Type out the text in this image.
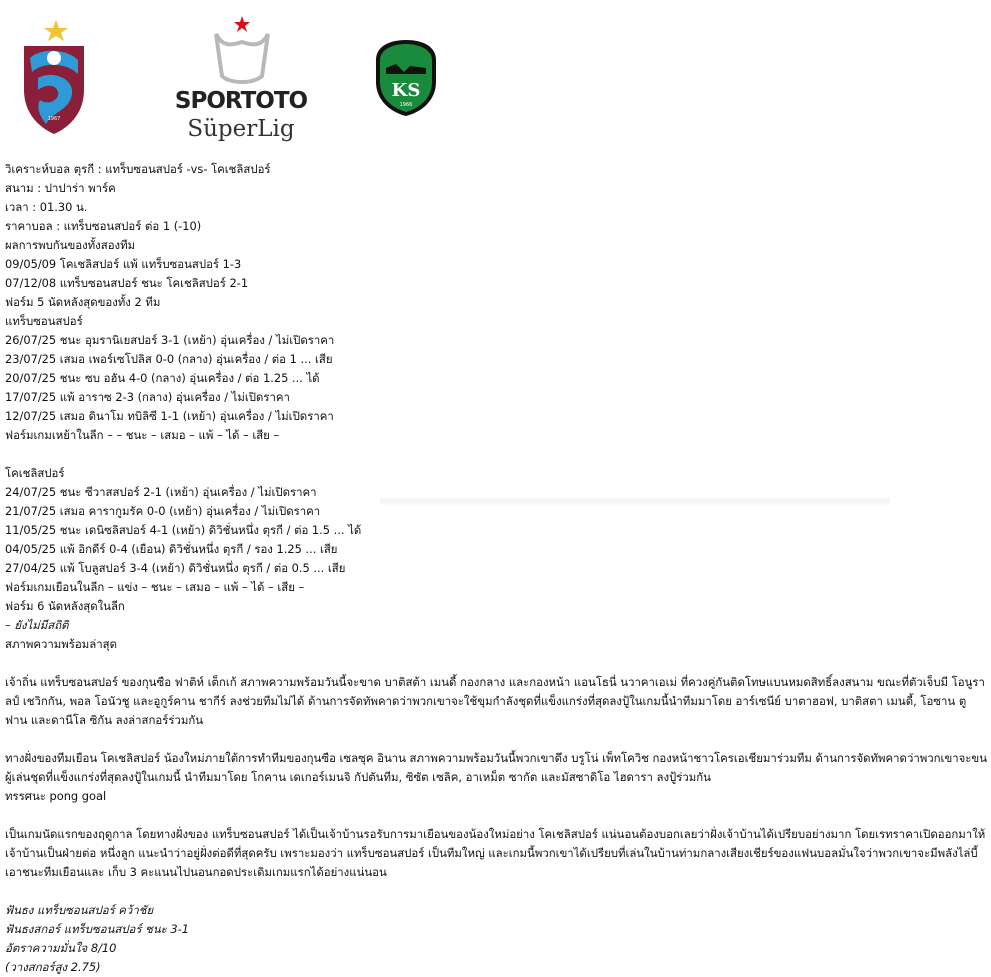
1967
SPORTOTO
SüperLig
KS
1966
วิเคราะห์บอล ตุรกี : แทร็บซอนสปอร์ -vs- โคเชลิสปอร์
สนาม : ปาปาร่า พาร์ค
เวลา : 01.30 น.
ราคาบอล : แทร็บซอนสปอร์ ต่อ 1 (-10)
ผลการพบกันของทั้งสองทีม
09/05/09 โคเชลิสปอร์ แพ้ แทร็บซอนสปอร์ 1-3
07/12/08 แทร็บซอนสปอร์ ชนะ โคเชลิสปอร์ 2-1
ฟอร์ม 5 นัดหลังสุดของทั้ง 2 ทีม
แทร็บซอนสปอร์
26/07/25 ชนะ อุมรานิเยสปอร์ 3-1 (เหย้า) อุ่นเครื่อง / ไม่เปิดราคา
23/07/25 เสมอ เพอร์เซโปลิส 0-0 (กลาง) อุ่นเครื่อง / ต่อ 1 ... เสีย
20/07/25 ชนะ ซบ อฮัน 4-0 (กลาง) อุ่นเครื่อง / ต่อ 1.25 ... ได้
17/07/25 แพ้ อาราซ 2-3 (กลาง) อุ่นเครื่อง / ไม่เปิดราคา
12/07/25 เสมอ ดินาโม ทบิลิซี 1-1 (เหย้า) อุ่นเครื่อง / ไม่เปิดราคา
ฟอร์มเกมเหย้าในลีก – – ชนะ – เสมอ – แพ้ – ได้ – เสีย –
โคเชลิสปอร์
24/07/25 ชนะ ซีวาสสปอร์ 2-1 (เหย้า) อุ่นเครื่อง / ไม่เปิดราคา
21/07/25 เสมอ คารากูมรัค 0-0 (เหย้า) อุ่นเครื่อง / ไม่เปิดราคา
11/05/25 ชนะ เดนิซลิสปอร์ 4-1 (เหย้า) ดิวิชั่นหนึ่ง ตุรกี / ต่อ 1.5 ... ได้
04/05/25 แพ้ อิกดีร์ 0-4 (เยือน) ดิวิชั่นหนึ่ง ตุรกี / รอง 1.25 ... เสีย
27/04/25 แพ้ โบลูสปอร์ 3-4 (เหย้า) ดิวิชั่นหนึ่ง ตุรกี / ต่อ 0.5 ... เสีย
ฟอร์มเกมเยือนในลีก – แข่ง – ชนะ – เสมอ – แพ้ – ได้ – เสีย –
ฟอร์ม 6 นัดหลังสุดในลีก
– ยังไม่มีสถิติ
สภาพความพร้อมล่าสุด

เจ้าถิ่น แทร็บซอนสปอร์ ของกุนซือ ฟาติห์ เต็กเก้ สภาพความพร้อมวันนี้จะขาด บาติสต้า เมนดี้ กองกลาง และกองหน้า แอนโธนี่ นวาคาเอเม่ ที่ควงคู่กันติดโทษแบนหมดสิทธิ์ลงสนาม ขณะที่ตัวเจ็บมี โอนูราลป์ เชวิกกัน, พอล โอนัวชู และอูกูร์คาน ชากีร์ ลงช่วยทีมไม่ได้ ด้านการจัดทัพคาดว่าพวกเขาจะใช้ขุมกำลังชุดที่แข็งแกร่งที่สุดลงปู้ในเกมนี้นำทีมมาโดย อาร์เซนีย์ บาตาฮอฟ, บาติสตา เมนดี้, โอซาน ตูฟาน และดานีโล ซิกัน ลงล่าสกอร์ร่วมกัน

ทางฝั่งของทีมเยือน โคเชลิสปอร์ น้องใหม่ภายใต้การทำทีมของกุนซือ เซลซุค อินาน สภาพความพร้อมวันนี้พวกเขาดึง บรูโน่ เพ็ทโควิช กองหน้าชาวโครเอเชียมาร่วมทีม ด้านการจัดทัพคาดว่าพวกเขาจะขนผู้เล่นชุดที่แข็งแกร่งที่สุดลงปู้ในเกมนี้ นำทีมมาโดย โกคาน เดเกอร์เมนจิ กัปตันทีม, ซิซัต เซลิค, อาเหม็ต ซากัต และมัสซาดิโอ ไฮดารา ลงปู้ร่วมกัน

ทรรศนะ pong goal

เป็นเกมนัดแรกของฤดูกาล โดยทางฝั่งของ แทร็บซอนสปอร์ ได้เป็นเจ้าบ้านรอรับการมาเยือนของน้องใหม่อย่าง โคเชลิสปอร์ แน่นอนต้องบอกเลยว่าฝั่งเจ้าบ้านได้เปรียบอย่างมาก โดยเรทราคาเปิดออกมาให้ เจ้าบ้านเป็นฝ่ายต่อ หนึ่งลูก แนะนำว่าอยู่ฝั่งต่อดีที่สุดครับ เพราะมองว่า แทร็บซอนสปอร์ เป็นทีมใหญ่ และเกมนี้พวกเขาได้เปรียบที่เล่นในบ้านท่ามกลางเสียงเชียร์ของแฟนบอลมั่นใจว่าพวกเขาจะมีพลังไล่บี้เอาชนะทีมเยือนและ เก็บ 3 คะแนนไปนอนกอดประเดิมเกมแรกได้อย่างแน่นอน

ฟันธง แทร็บซอนสปอร์ คว้าชัย
ฟันธงสกอร์ แทร็บซอนสปอร์ ชนะ 3-1
อัตราความมั่นใจ 8/10
(วางสกอร์สูง 2.75)
